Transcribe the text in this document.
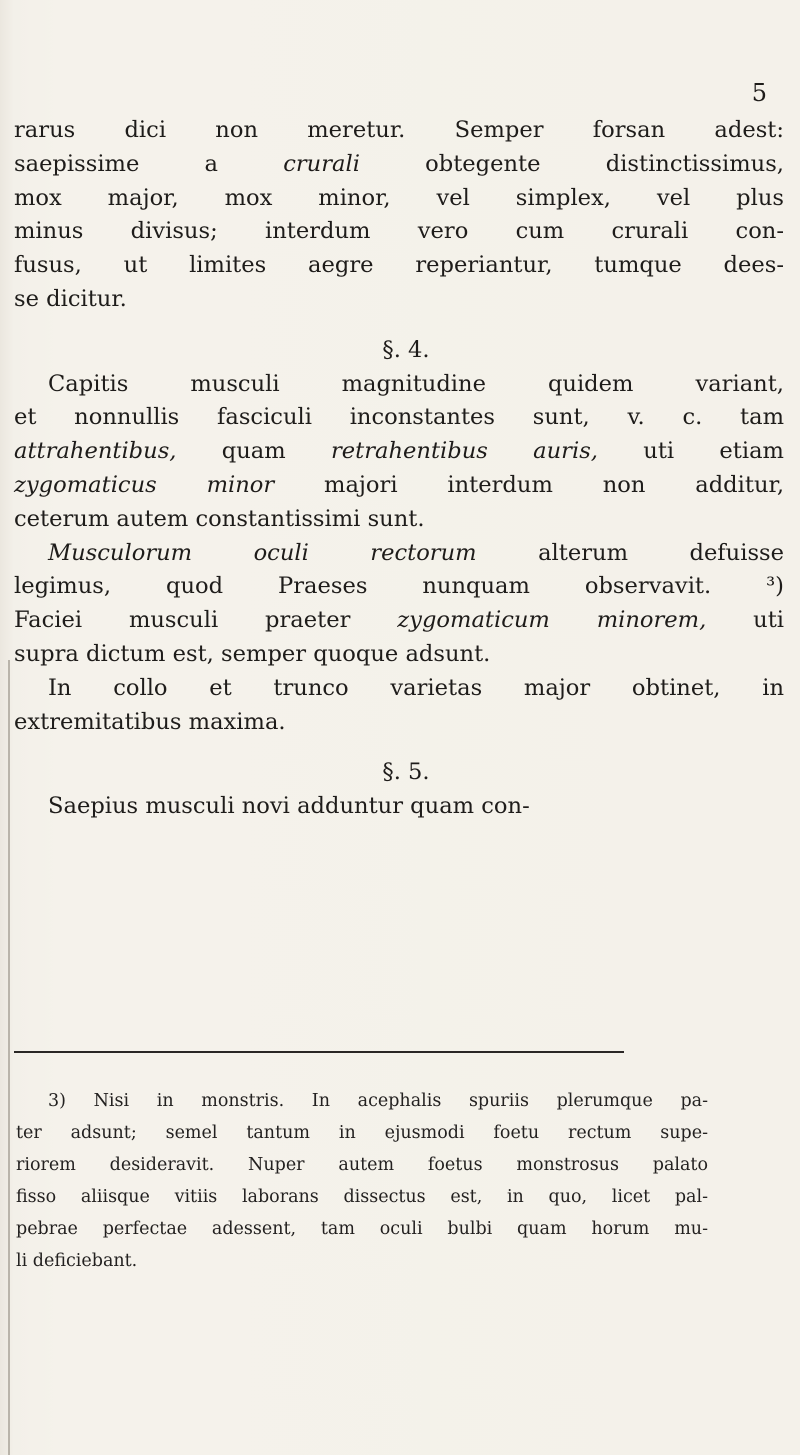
5

rarus dici non meretur. Semper forsan adest:

saepissime a	crurali	obtegente distinctissimus,

mox major, mox minor, vel simplex, vel plus

minus divisus; interdum vero cum crurali con-

fusus, ut limites aegre reperiantur, tumque dees-

se dicitur.

§. 4.

Capitis musculi magnitudine quidem variant,

et nonnullis fasciculi inconstantes sunt, v. c. tam

attrahentibus, quam retrahentibus auris, uti etiam

zygomaticus minor majori interdum non additur,

ceterum autem constantissimi sunt.

Musculorum oculi rectorum	alterum defuisse

legimus, quod Praeses nunquam observavit. ³)

Faciei musculi praeter zygomaticum minorem, uti

supra dictum est, semper quoque adsunt.

In collo et trunco varietas major obtinet, in

extremitatibus maxima.

§. 5.

Saepius musculi novi adduntur quam con-

3) Nisi in monstris. In acephalis spuriis plerumque pa-

ter adsunt; semel tantum in ejusmodi foetu rectum supe-

riorem desideravit. Nuper autem foetus monstrosus palato

fisso aliisque vitiis laborans dissectus est, in quo, licet pal-

pebrae perfectae adessent, tam oculi bulbi quam horum mu-

li deficiebant.
